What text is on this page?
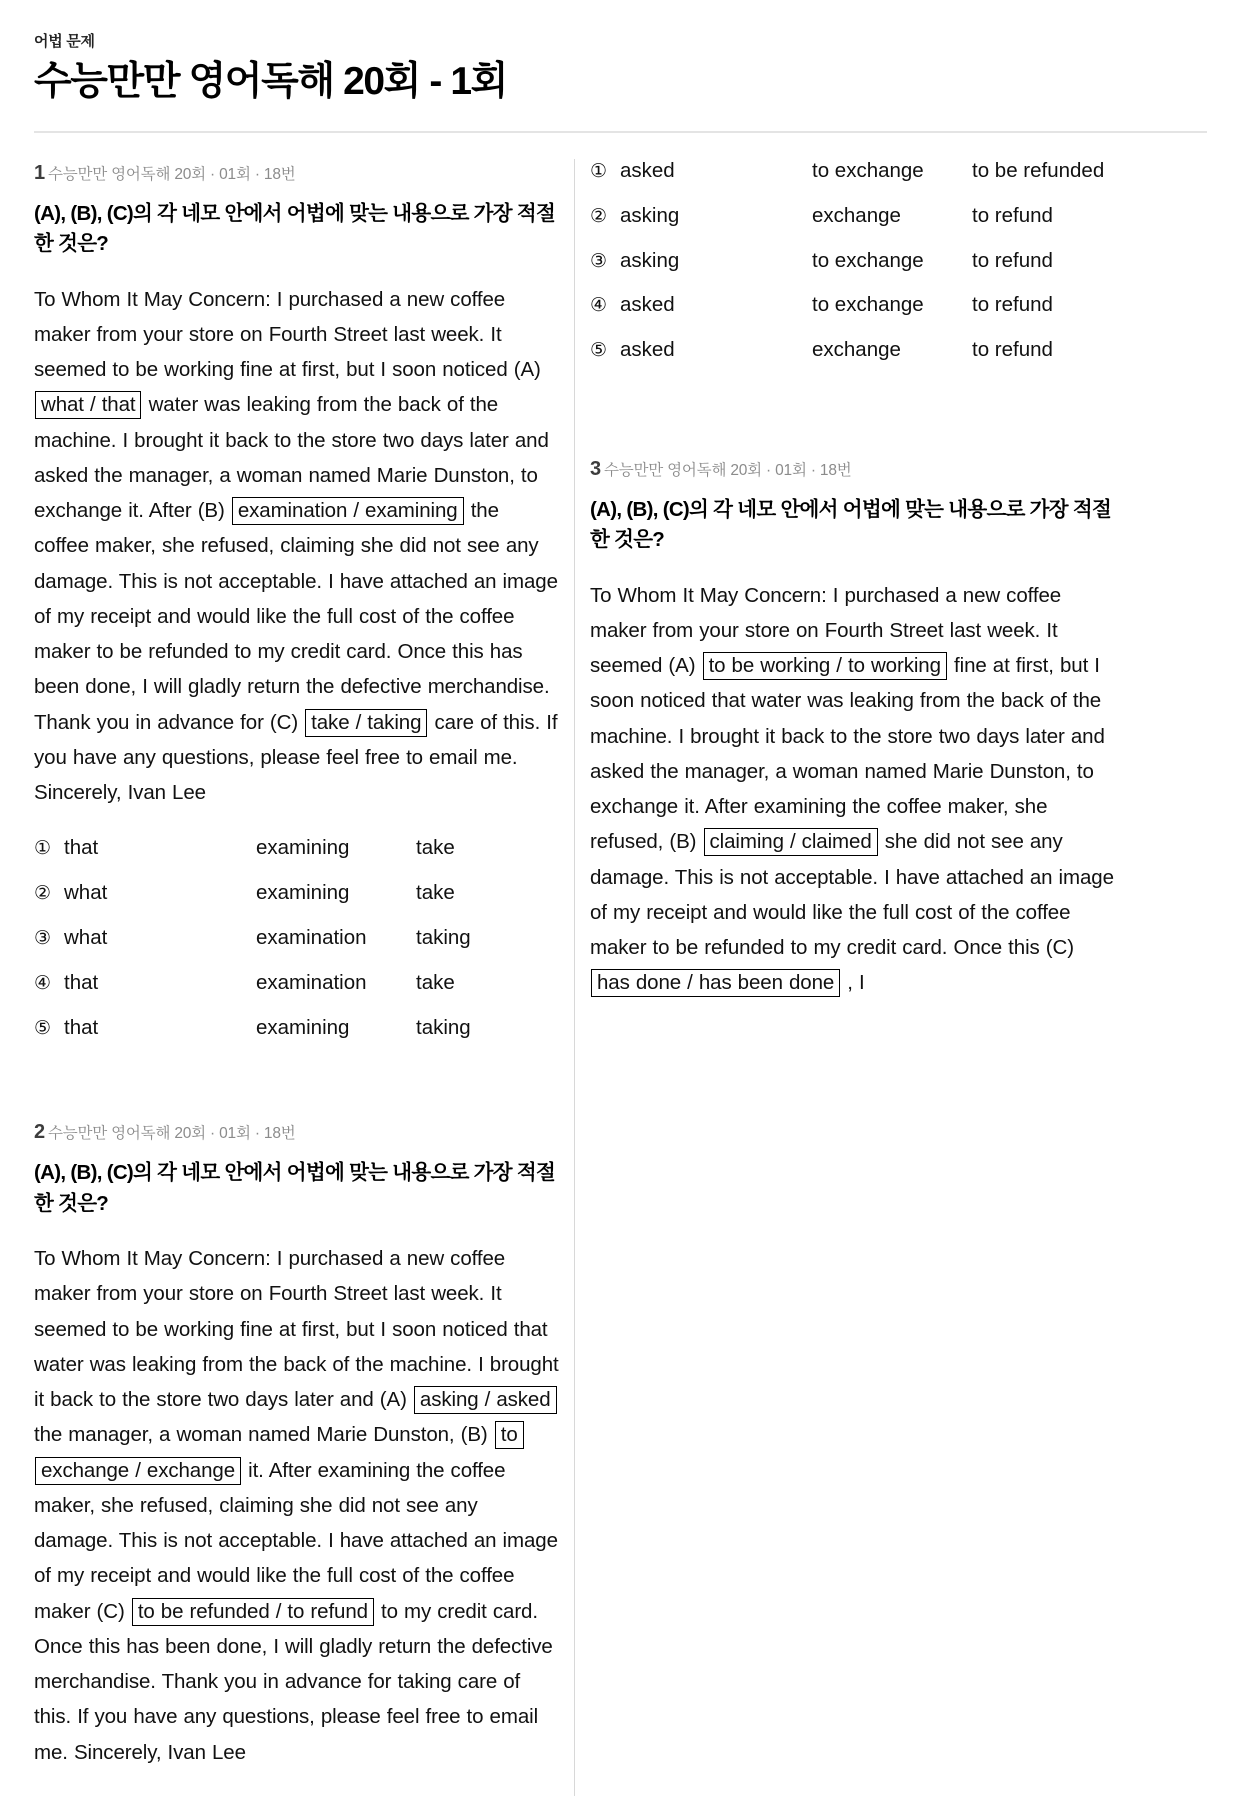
어법 문제
수능만만 영어독해 20회 - 1회
1 수능만만 영어독해 20회 · 01회 · 18번
(A), (B), (C)의 각 네모 안에서 어법에 맞는 내용으로 가장 적절한 것은?
To Whom It May Concern: I purchased a new coffee maker from your store on Fourth Street last week. It seemed to be working fine at first, but I soon noticed (A) what / that water was leaking from the back of the machine. I brought it back to the store two days later and asked the manager, a woman named Marie Dunston, to exchange it. After (B) examination / examining the coffee maker, she refused, claiming she did not see any damage. This is not acceptable. I have attached an image of my receipt and would like the full cost of the coffee maker to be refunded to my credit card. Once this has been done, I will gladly return the defective merchandise. Thank you in advance for (C) take / taking care of this. If you have any questions, please feel free to email me. Sincerely, Ivan Lee
① that	examining	take
② what	examining	take
③ what	examination	taking
④ that	examination	take
⑤ that	examining	taking
2 수능만만 영어독해 20회 · 01회 · 18번
(A), (B), (C)의 각 네모 안에서 어법에 맞는 내용으로 가장 적절한 것은?
To Whom It May Concern: I purchased a new coffee maker from your store on Fourth Street last week. It seemed to be working fine at first, but I soon noticed that water was leaking from the back of the machine. I brought it back to the store two days later and (A) asking / asked the manager, a woman named Marie Dunston, (B) to exchange / exchange it. After examining the coffee maker, she refused, claiming she did not see any damage. This is not acceptable. I have attached an image of my receipt and would like the full cost of the coffee maker (C) to be refunded / to refund to my credit card. Once this has been done, I will gladly return the defective merchandise. Thank you in advance for taking care of this. If you have any questions, please feel free to email me. Sincerely, Ivan Lee
① asked	to exchange	to be refunded
② asking	exchange	to refund
③ asking	to exchange	to refund
④ asked	to exchange	to refund
⑤ asked	exchange	to refund
3 수능만만 영어독해 20회 · 01회 · 18번
(A), (B), (C)의 각 네모 안에서 어법에 맞는 내용으로 가장 적절한 것은?
To Whom It May Concern: I purchased a new coffee maker from your store on Fourth Street last week. It seemed (A) to be working / to working fine at first, but I soon noticed that water was leaking from the back of the machine. I brought it back to the store two days later and asked the manager, a woman named Marie Dunston, to exchange it. After examining the coffee maker, she refused, (B) claiming / claimed she did not see any damage. This is not acceptable. I have attached an image of my receipt and would like the full cost of the coffee maker to be refunded to my credit card. Once this (C) has done / has been done , I
